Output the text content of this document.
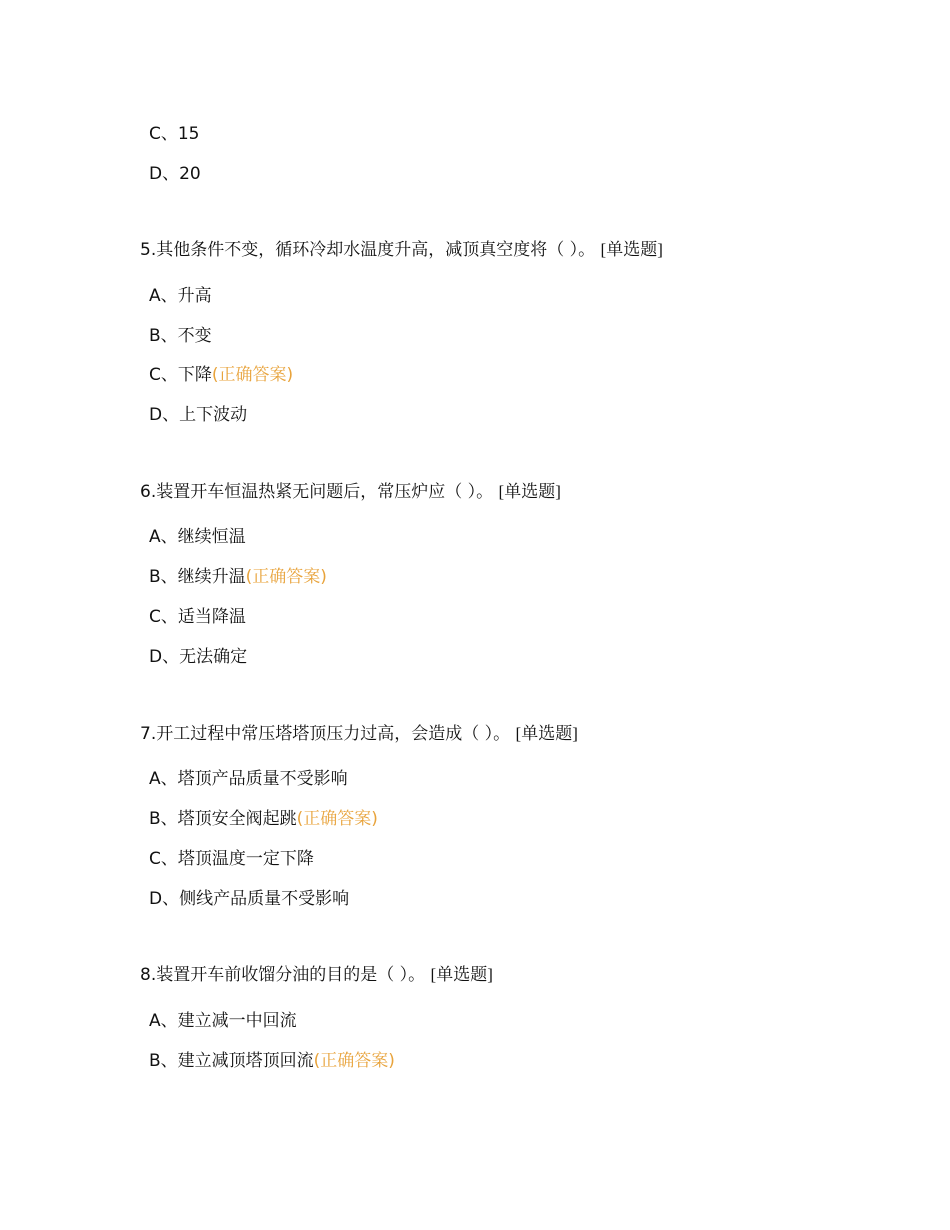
C、15
D、20
5.其他条件不变，循环冷却水温度升高，减顶真空度将（ ）。 [单选题]
A、升高
B、不变
C、下降(正确答案)
D、上下波动
6.装置开车恒温热紧无问题后，常压炉应（ ）。 [单选题]
A、继续恒温
B、继续升温(正确答案)
C、适当降温
D、无法确定
7.开工过程中常压塔塔顶压力过高，会造成（ ）。 [单选题]
A、塔顶产品质量不受影响
B、塔顶安全阀起跳(正确答案)
C、塔顶温度一定下降
D、侧线产品质量不受影响
8.装置开车前收馏分油的目的是（ ）。 [单选题]
A、建立减一中回流
B、建立减顶塔顶回流(正确答案)
